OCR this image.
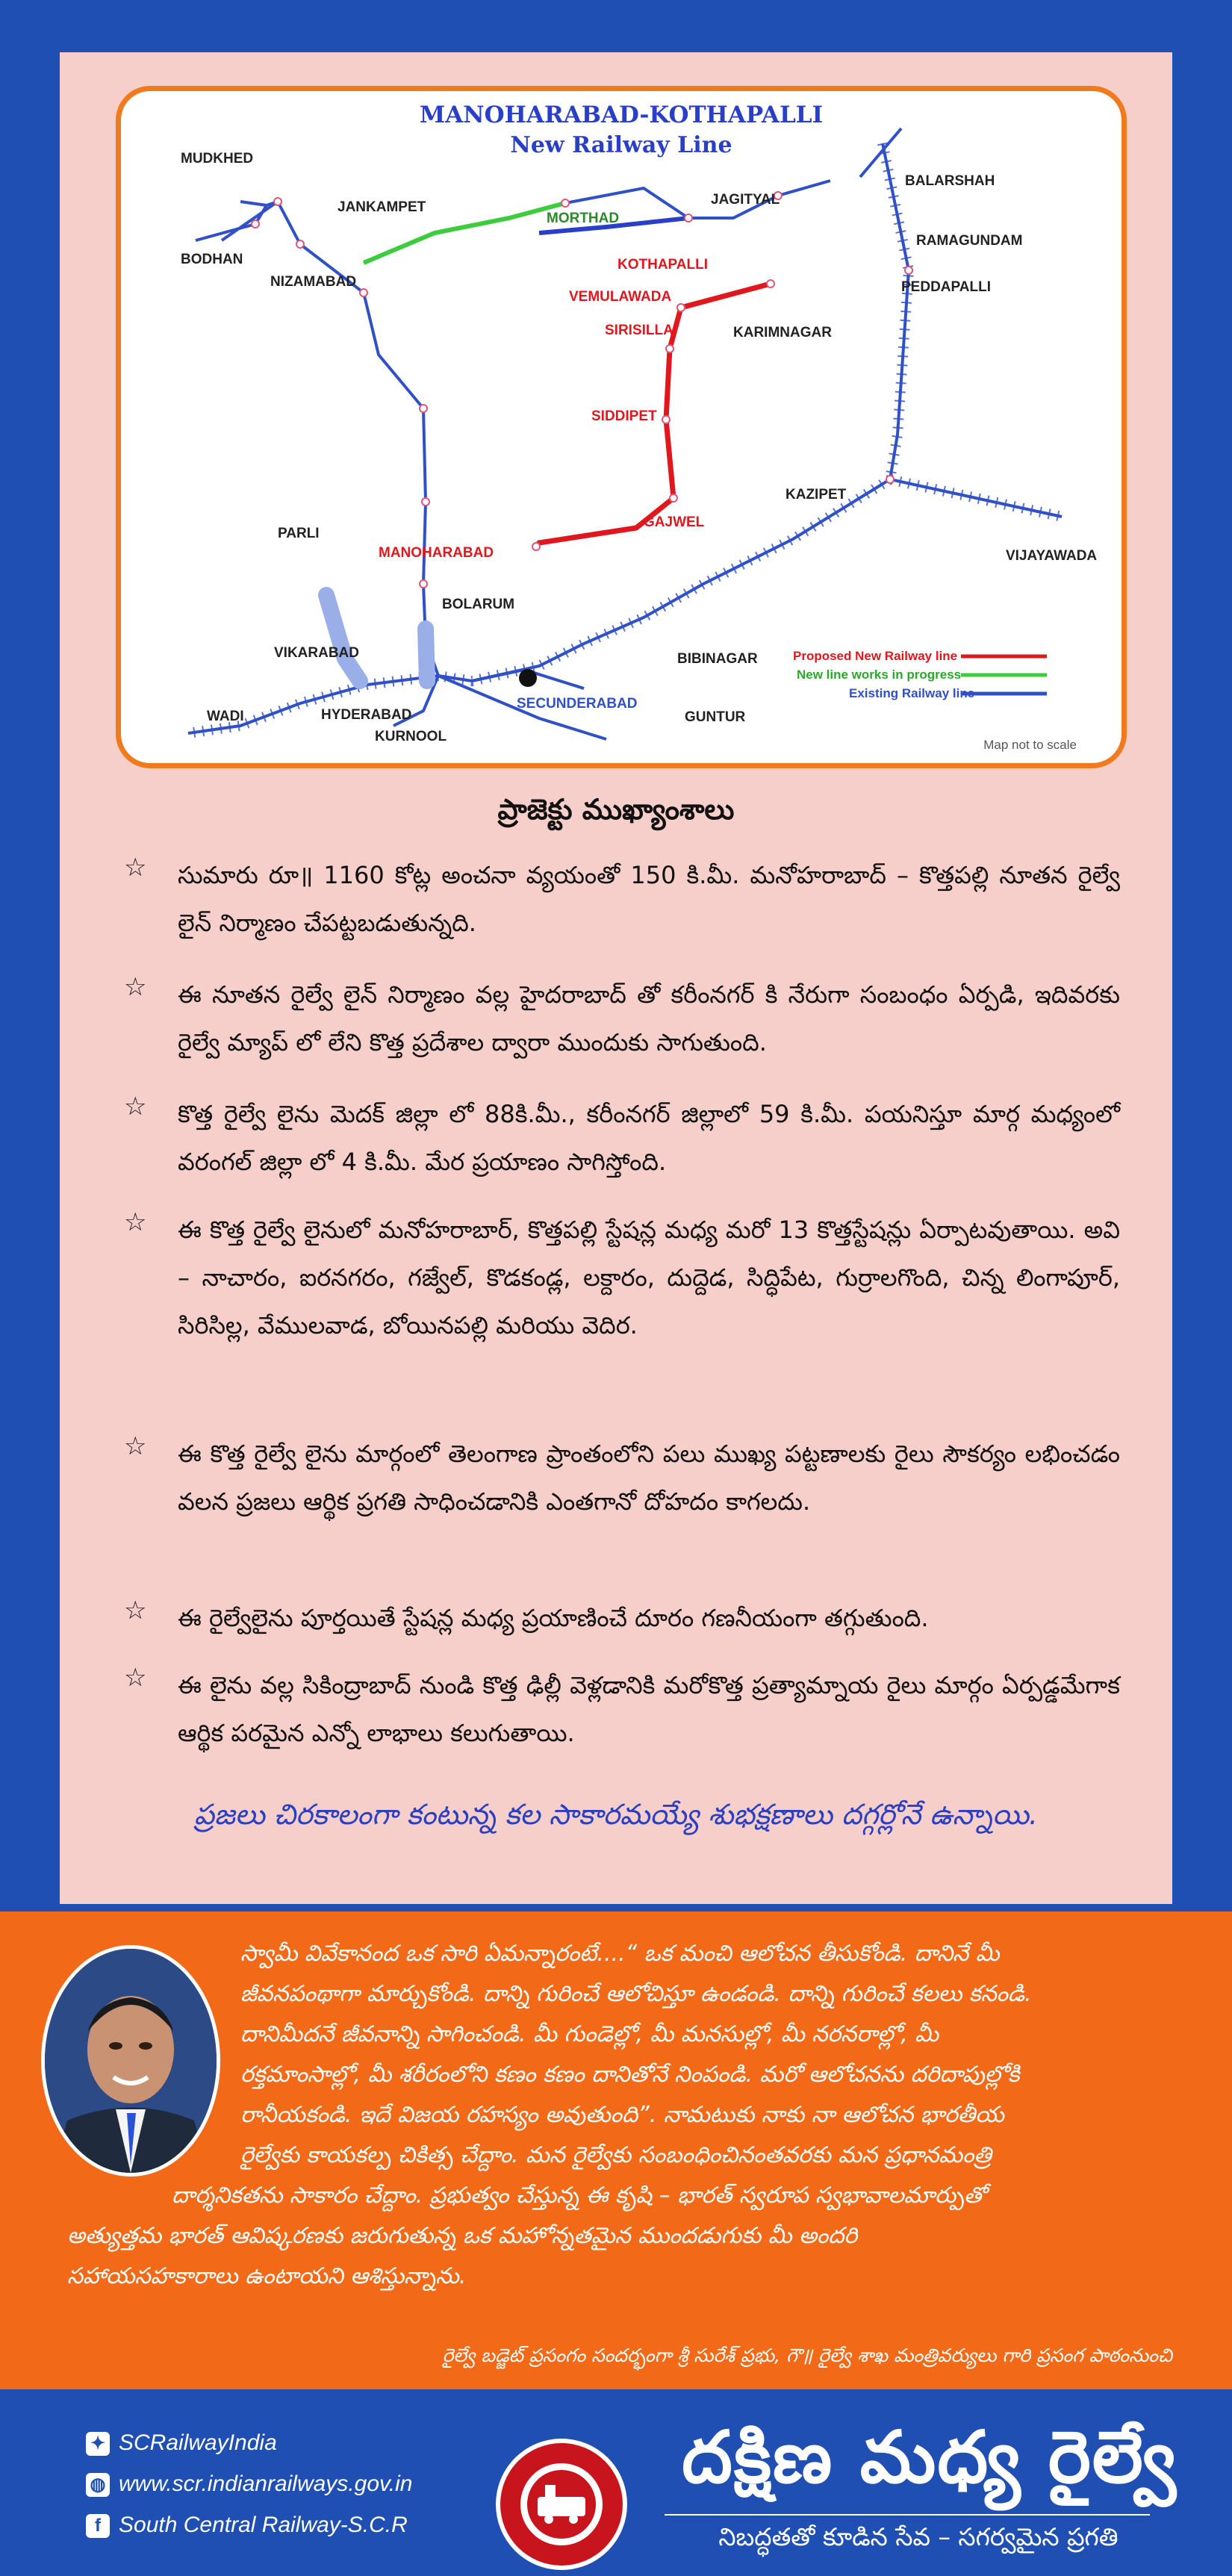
MANOHARABAD-KOTHAPALLI
New Railway Line
MUDKHED
JANKAMPET
BODHAN
NIZAMABAD
MORTHAD
JAGITYAL
BALARSHAH
RAMAGUNDAM
KOTHAPALLI
PEDDAPALLI
VEMULAWADA
KARIMNAGAR
SIRISILLA
SIDDIPET
KAZIPET
PARLI
GAJWEL
MANOHARABAD	VIJAYAWADA
BOLARUM
VIKARABAD	BIBINAGAR
WADI	HYDERABAD
SECUNDERABAD
GUNTUR
KURNOOL
Proposed New Railway line
New line works in progress
Existing Railway line
Map not to scale
ప్రాజెక్టు ముఖ్యాంశాలు
☆ సుమారు రూ॥ 1160 కోట్ల అంచనా వ్యయంతో 150 కి.మీ. మనోహరాబాద్ – కొత్తపల్లి నూతన రైల్వే లైన్ నిర్మాణం చేపట్టబడుతున్నది.
☆ ఈ నూతన రైల్వే లైన్ నిర్మాణం వల్ల హైదరాబాద్ తో కరీంనగర్ కి నేరుగా సంబంధం ఏర్పడి, ఇదివరకు రైల్వే మ్యాప్ లో లేని కొత్త ప్రదేశాల ద్వారా ముందుకు సాగుతుంది.
☆ కొత్త రైల్వే లైను మెదక్ జిల్లా లో 88కి.మీ., కరీంనగర్ జిల్లాలో 59 కి.మీ. పయనిస్తూ మార్గ మధ్యంలో వరంగల్ జిల్లా లో 4 కి.మీ. మేర ప్రయాణం సాగిస్తోంది.
☆ ఈ కొత్త రైల్వే లైనులో మనోహరాబార్, కొత్తపల్లి స్టేషన్ల మధ్య మరో 13 కొత్తస్టేషన్లు ఏర్పాటవుతాయి. అవి – నాచారం, ఐరనగరం, గజ్వేల్, కొడకండ్ల, లక్దారం, దుద్దెడ, సిద్ధిపేట, గుర్రాలగొంది, చిన్న లింగాపూర్, సిరిసిల్ల, వేములవాడ, బోయినపల్లి మరియు వెదిర.
☆ ఈ కొత్త రైల్వే లైను మార్గంలో తెలంగాణ ప్రాంతంలోని పలు ముఖ్య పట్టణాలకు రైలు సౌకర్యం లభించడం వలన ప్రజలు ఆర్థిక ప్రగతి సాధించడానికి ఎంతగానో దోహదం కాగలదు.
☆ ఈ రైల్వేలైను పూర్తయితే స్టేషన్ల మధ్య ప్రయాణించే దూరం గణనీయంగా తగ్గుతుంది.
☆ ఈ లైను వల్ల సికింద్రాబాద్ నుండి కొత్త ఢిల్లీ వెళ్లడానికి మరోకొత్త ప్రత్యామ్నాయ రైలు మార్గం ఏర్పడ్డమేగాక ఆర్థిక పరమైన ఎన్నో లాభాలు కలుగుతాయి.
ప్రజలు చిరకాలంగా కంటున్న కల సాకారమయ్యే శుభక్షణాలు దగ్గర్లోనే ఉన్నాయి.
స్వామీ వివేకానంద ఒక సారి ఏమన్నారంటే....“ ఒక మంచి ఆలోచన తీసుకోండి. దానినే మీ
జీవనపంథాగా మార్చుకోండి. దాన్ని గురించే ఆలోచిస్తూ ఉండండి. దాన్ని గురించే కలలు కనండి.
దానిమీదనే జీవనాన్ని సాగించండి. మీ గుండెల్లో, మీ మనసుల్లో, మీ నరనరాల్లో, మీ
రక్తమాంసాల్లో, మీ శరీరంలోని కణం కణం దానితోనే నింపండి. మరో ఆలోచనను దరిదాపుల్లోకి
రానీయకండి. ఇదే విజయ రహస్యం అవుతుంది”. నామటుకు నాకు నా ఆలోచన భారతీయ
రైల్వేకు కాయకల్ప చికిత్స చేద్దాం. మన రైల్వేకు సంబంధించినంతవరకు మన ప్రధానమంత్రి
దార్శనికతను సాకారం చేద్దాం. ప్రభుత్వం చేస్తున్న ఈ కృషి – భారత్ స్వరూప స్వభావాలమార్పుతో
అత్యుత్తమ భారత్ ఆవిష్కరణకు జరుగుతున్న ఒక మహోన్నతమైన ముందడుగుకు మీ అందరి
సహాయసహకారాలు ఉంటాయని ఆశిస్తున్నాను.
రైల్వే బడ్జెట్ ప్రసంగం సందర్భంగా శ్రీ సురేశ్ ప్రభు, గౌ॥ రైల్వే శాఖ మంత్రివర్యులు గారి ప్రసంగ పాఠంనుంచి
✦ SCRailwayIndia
◍ www.scr.indianrailways.gov.in
f South Central Railway-S.C.R
దక్షిణ మధ్య రైల్వే
నిబద్ధతతో కూడిన సేవ – సగర్వమైన ప్రగతి
